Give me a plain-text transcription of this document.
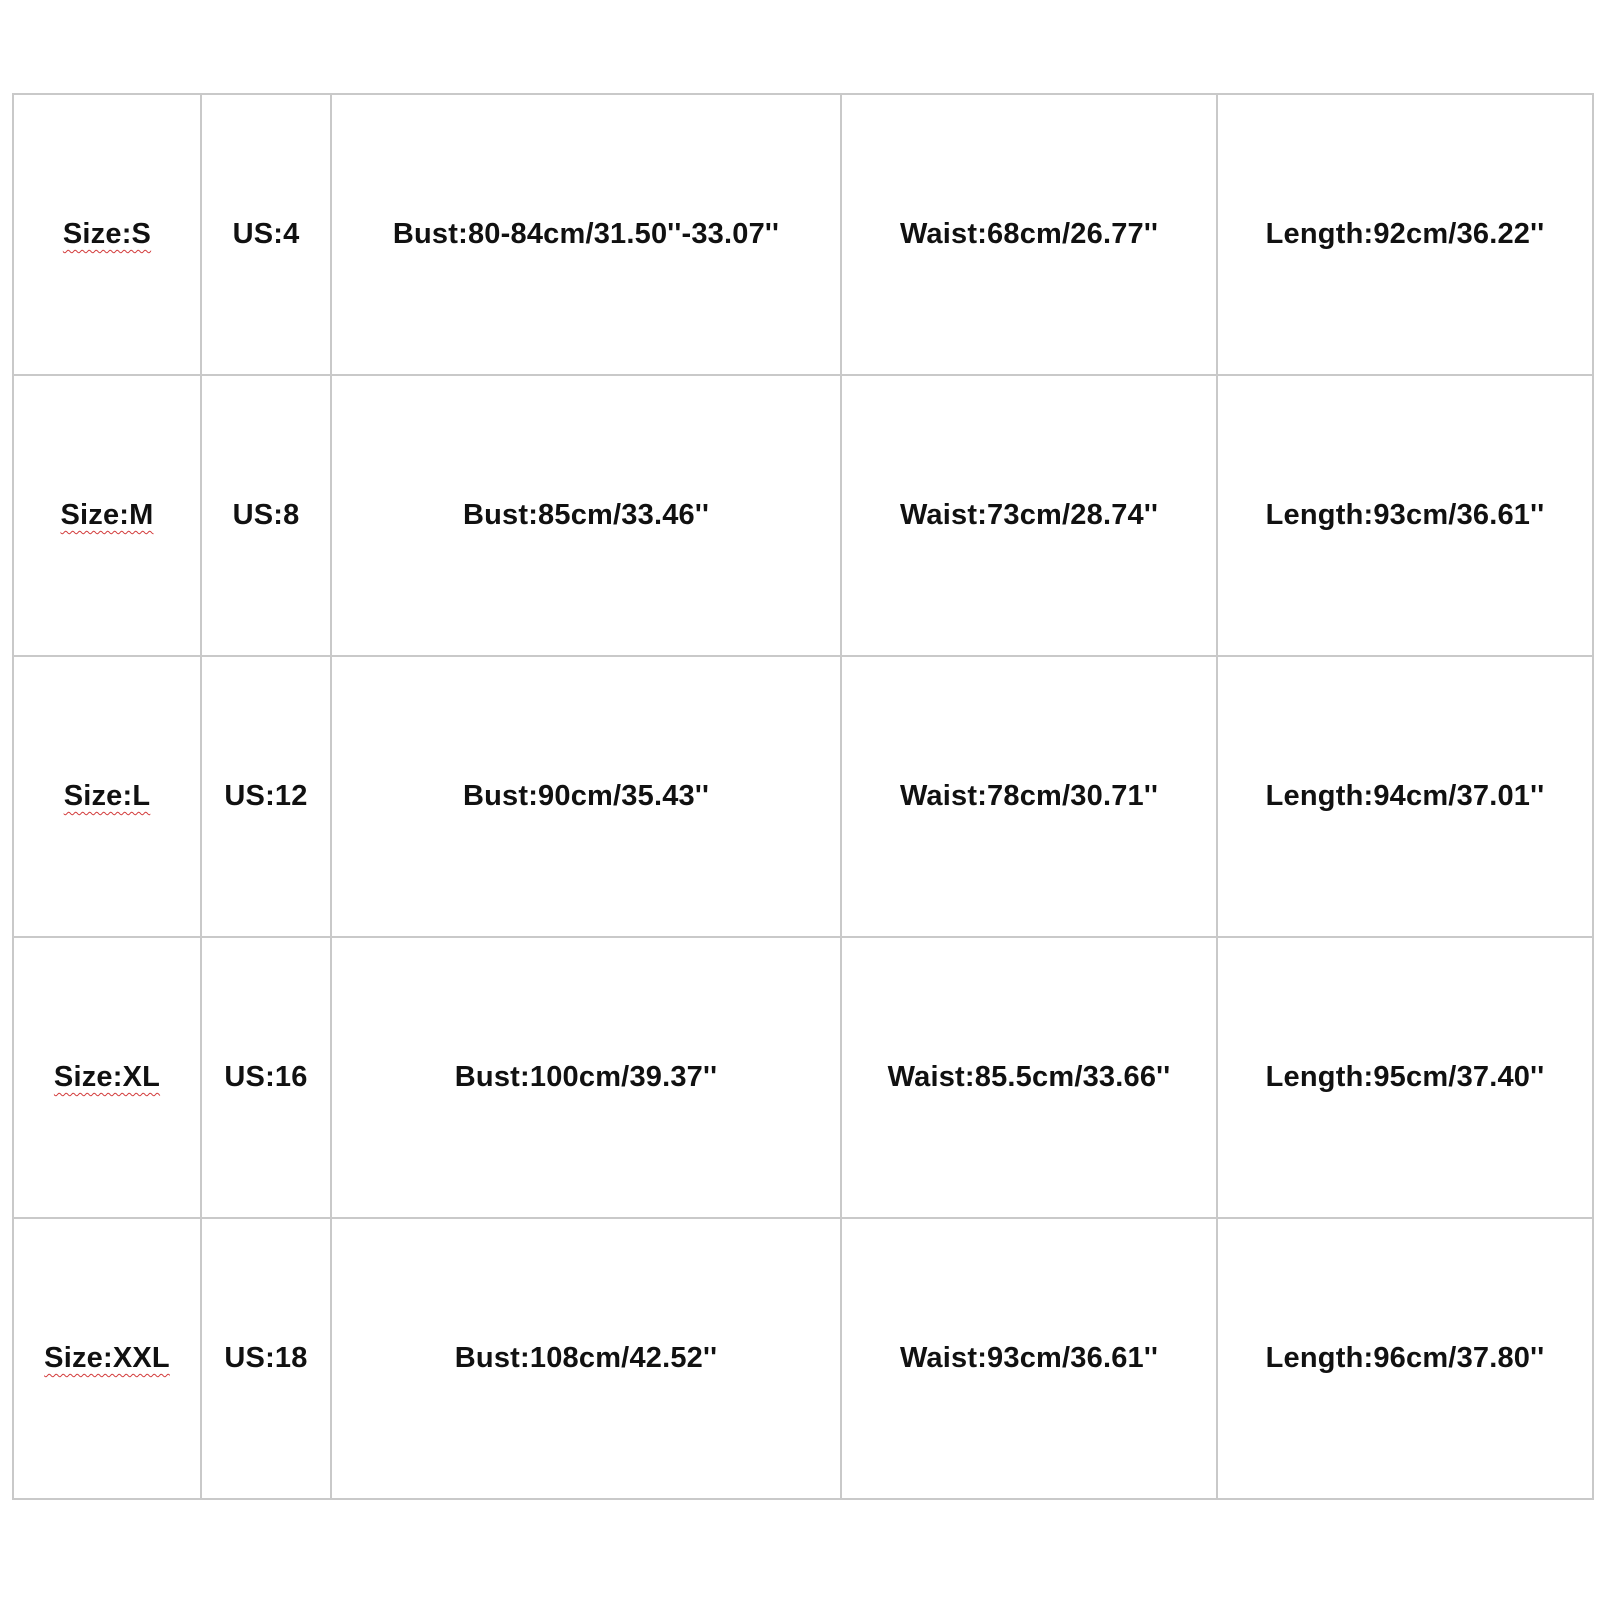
Size:S	US:4	Bust:80-84cm/31.50''-33.07''	Waist:68cm/26.77''	Length:92cm/36.22''
Size:M	US:8	Bust:85cm/33.46''	Waist:73cm/28.74''	Length:93cm/36.61''
Size:L	US:12	Bust:90cm/35.43''	Waist:78cm/30.71''	Length:94cm/37.01''
Size:XL	US:16	Bust:100cm/39.37''	Waist:85.5cm/33.66''	Length:95cm/37.40''
Size:XXL	US:18	Bust:108cm/42.52''	Waist:93cm/36.61''	Length:96cm/37.80''
